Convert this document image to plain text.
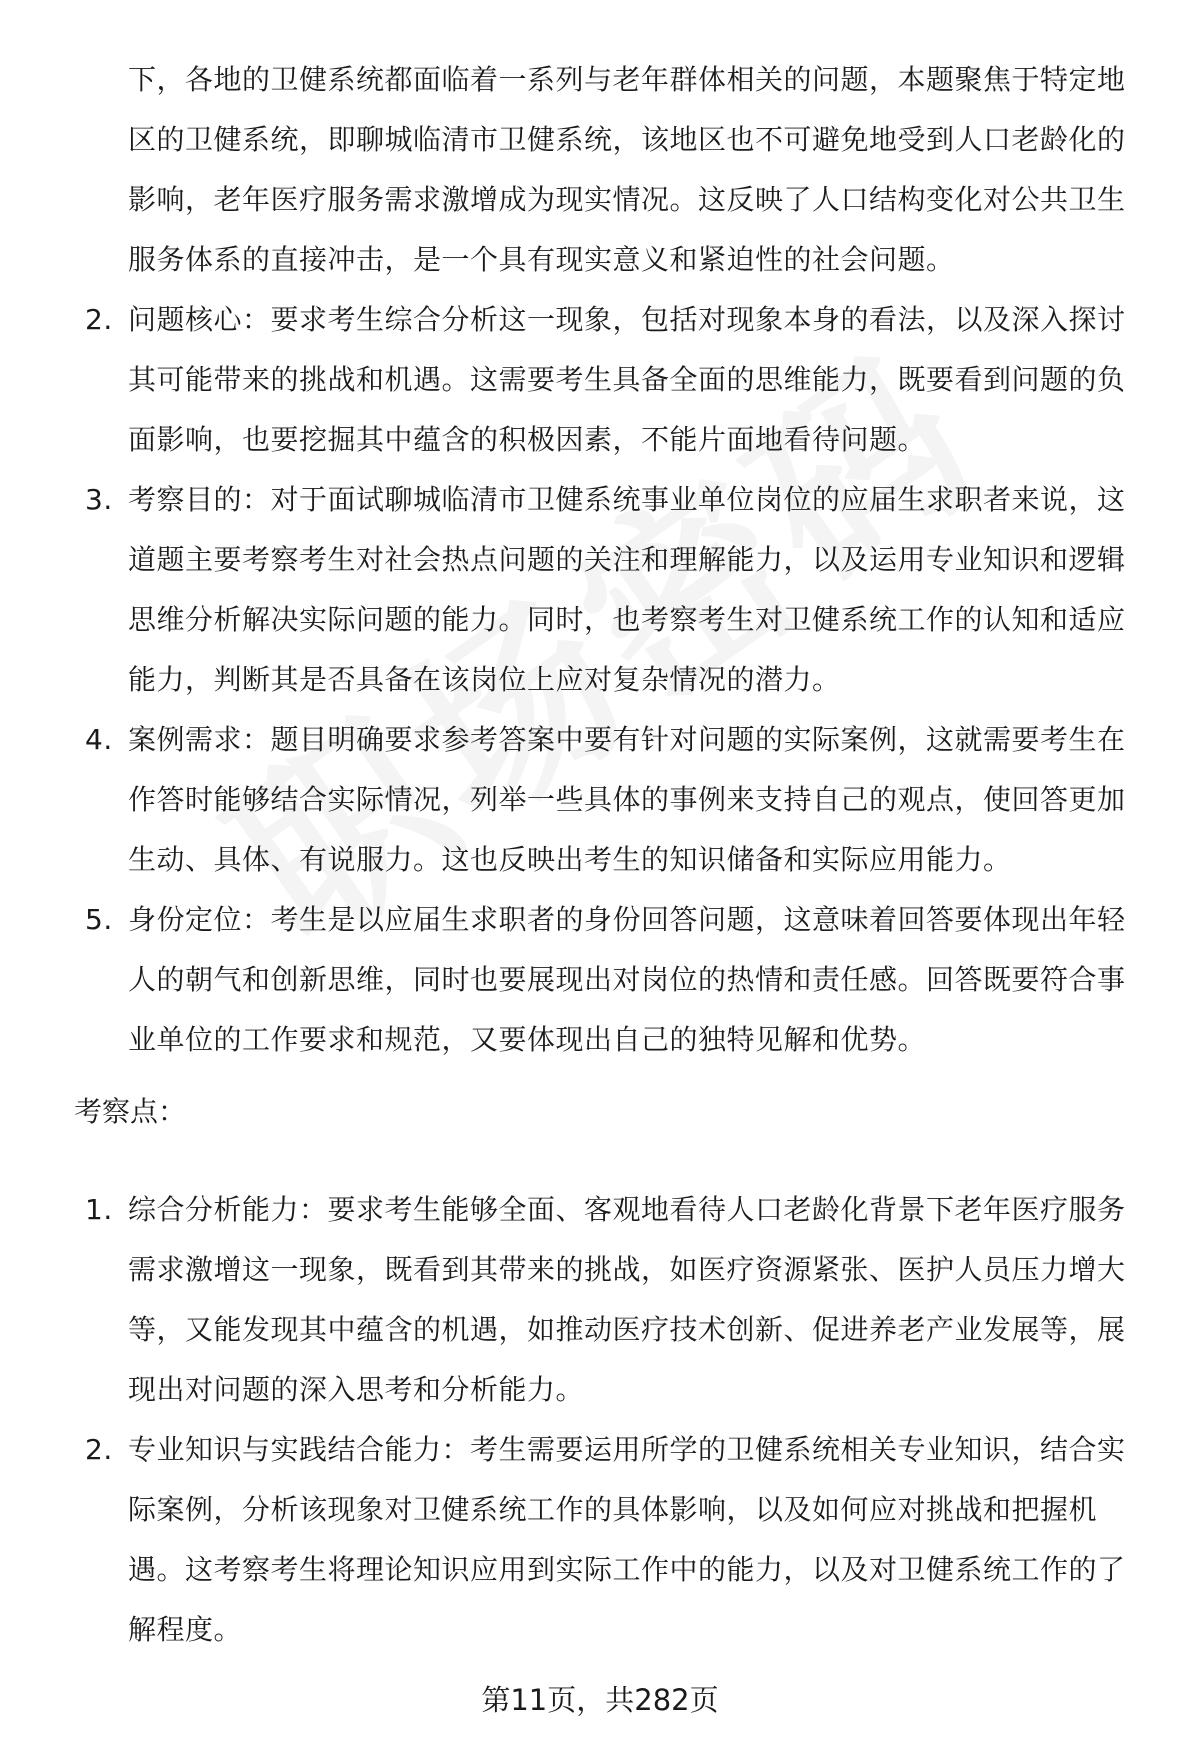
下，各地的卫健系统都面临着一系列与老年群体相关的问题，本题聚焦于特定地区的卫健系统，即聊城临清市卫健系统，该地区也不可避免地受到人口老龄化的影响，老年医疗服务需求激增成为现实情况。这反映了人口结构变化对公共卫生服务体系的直接冲击，是一个具有现实意义和紧迫性的社会问题。
2. 问题核心：要求考生综合分析这一现象，包括对现象本身的看法，以及深入探讨其可能带来的挑战和机遇。这需要考生具备全面的思维能力，既要看到问题的负面影响，也要挖掘其中蕴含的积极因素，不能片面地看待问题。
3. 考察目的：对于面试聊城临清市卫健系统事业单位岗位的应届生求职者来说，这道题主要考察考生对社会热点问题的关注和理解能力，以及运用专业知识和逻辑思维分析解决实际问题的能力。同时，也考察考生对卫健系统工作的认知和适应能力，判断其是否具备在该岗位上应对复杂情况的潜力。
4. 案例需求：题目明确要求参考答案中要有针对问题的实际案例，这就需要考生在作答时能够结合实际情况，列举一些具体的事例来支持自己的观点，使回答更加生动、具体、有说服力。这也反映出考生的知识储备和实际应用能力。
5. 身份定位：考生是以应届生求职者的身份回答问题，这意味着回答要体现出年轻人的朝气和创新思维，同时也要展现出对岗位的热情和责任感。回答既要符合事业单位的工作要求和规范，又要体现出自己的独特见解和优势。
考察点：
1. 综合分析能力：要求考生能够全面、客观地看待人口老龄化背景下老年医疗服务需求激增这一现象，既看到其带来的挑战，如医疗资源紧张、医护人员压力增大等，又能发现其中蕴含的机遇，如推动医疗技术创新、促进养老产业发展等，展现出对问题的深入思考和分析能力。
2. 专业知识与实践结合能力：考生需要运用所学的卫健系统相关专业知识，结合实际案例，分析该现象对卫健系统工作的具体影响，以及如何应对挑战和把握机遇。这考察考生将理论知识应用到实际工作中的能力，以及对卫健系统工作的了解程度。
第11页，共282页
